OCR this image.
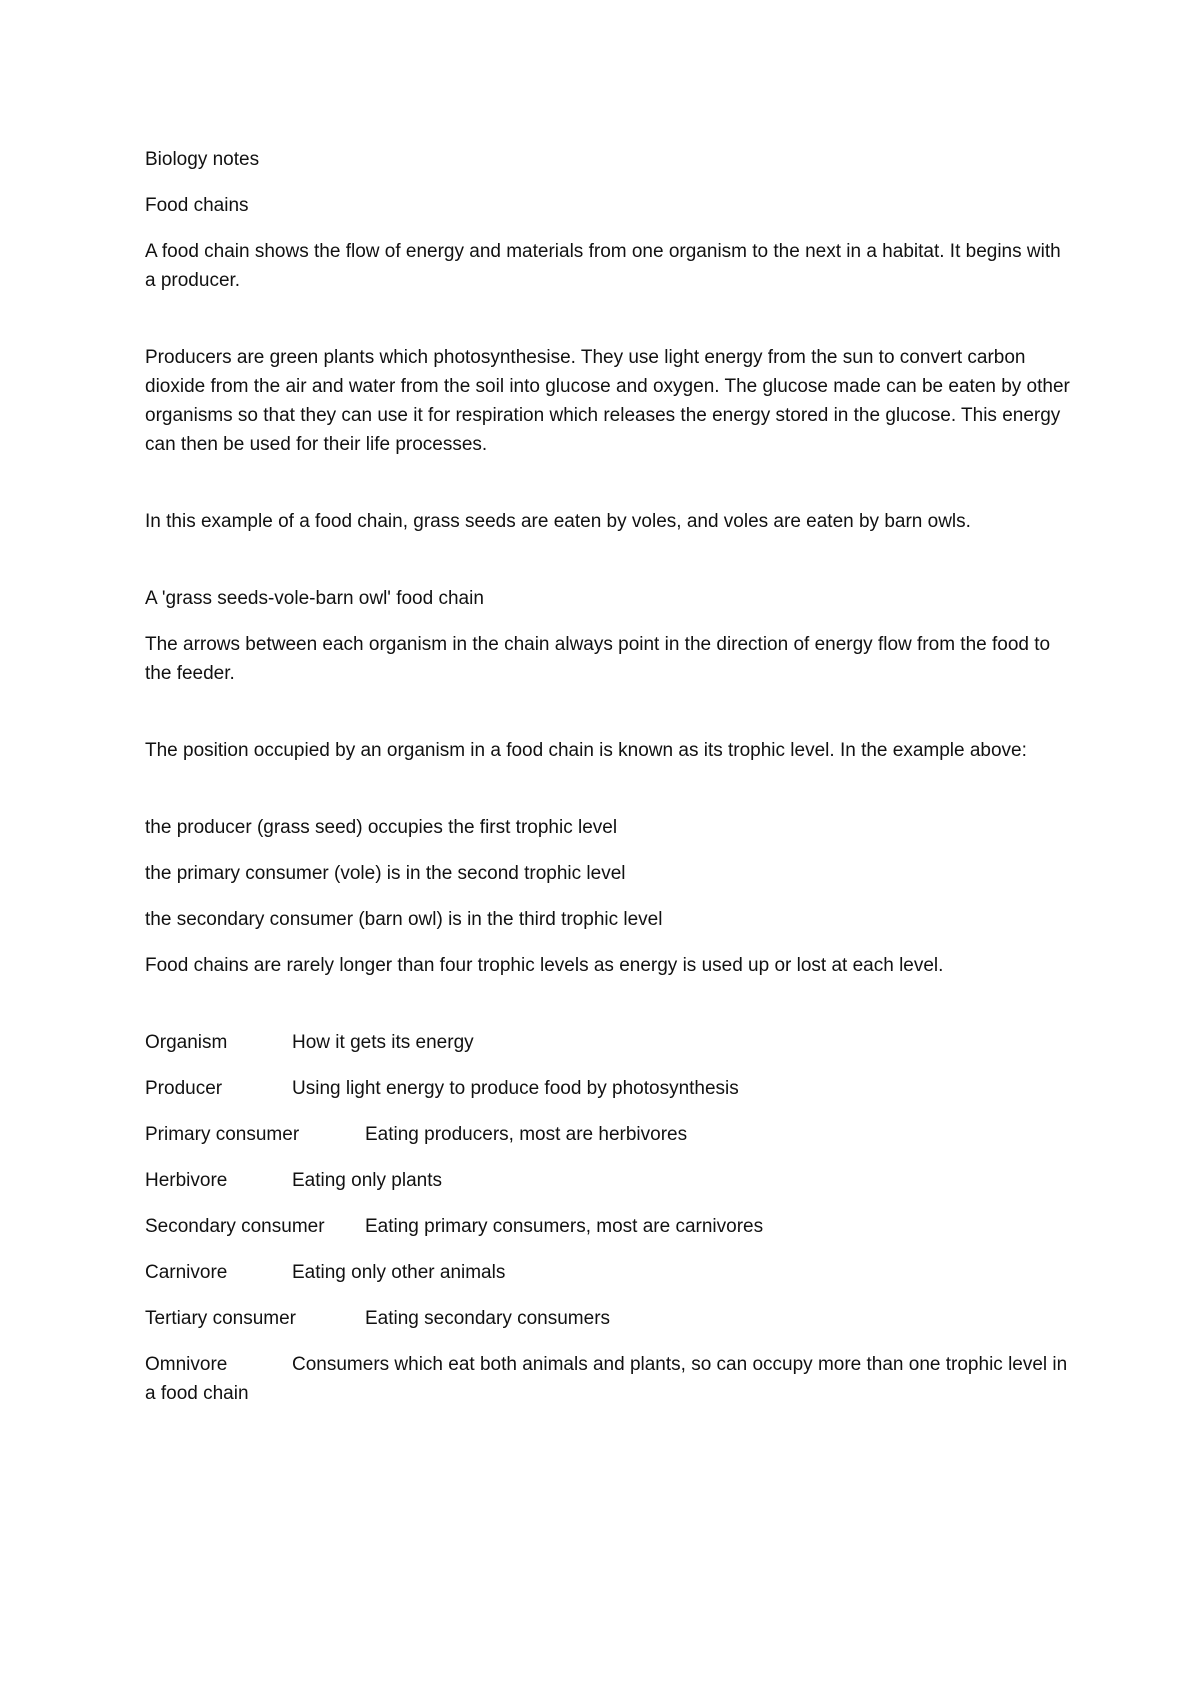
Biology notes

Food chains

A food chain shows the flow of energy and materials from one organism to the next in a habitat. It begins with a producer.

Producers are green plants which photosynthesise. They use light energy from the sun to convert carbon dioxide from the air and water from the soil into glucose and oxygen. The glucose made can be eaten by other organisms so that they can use it for respiration which releases the energy stored in the glucose. This energy can then be used for their life processes.

In this example of a food chain, grass seeds are eaten by voles, and voles are eaten by barn owls.

A 'grass seeds-vole-barn owl' food chain

The arrows between each organism in the chain always point in the direction of energy flow from the food to the feeder.

The position occupied by an organism in a food chain is known as its trophic level. In the example above:

the producer (grass seed) occupies the first trophic level

the primary consumer (vole) is in the second trophic level

the secondary consumer (barn owl) is in the third trophic level

Food chains are rarely longer than four trophic levels as energy is used up or lost at each level.

Organism	How it gets its energy
Producer	Using light energy to produce food by photosynthesis
Primary consumer	Eating producers, most are herbivores
Herbivore	Eating only plants
Secondary consumer Eating primary consumers, most are carnivores
Carnivore	Eating only other animals
Tertiary consumer	Eating secondary consumers
Omnivore	Consumers which eat both animals and plants, so can occupy more than one trophic level in a food chain
